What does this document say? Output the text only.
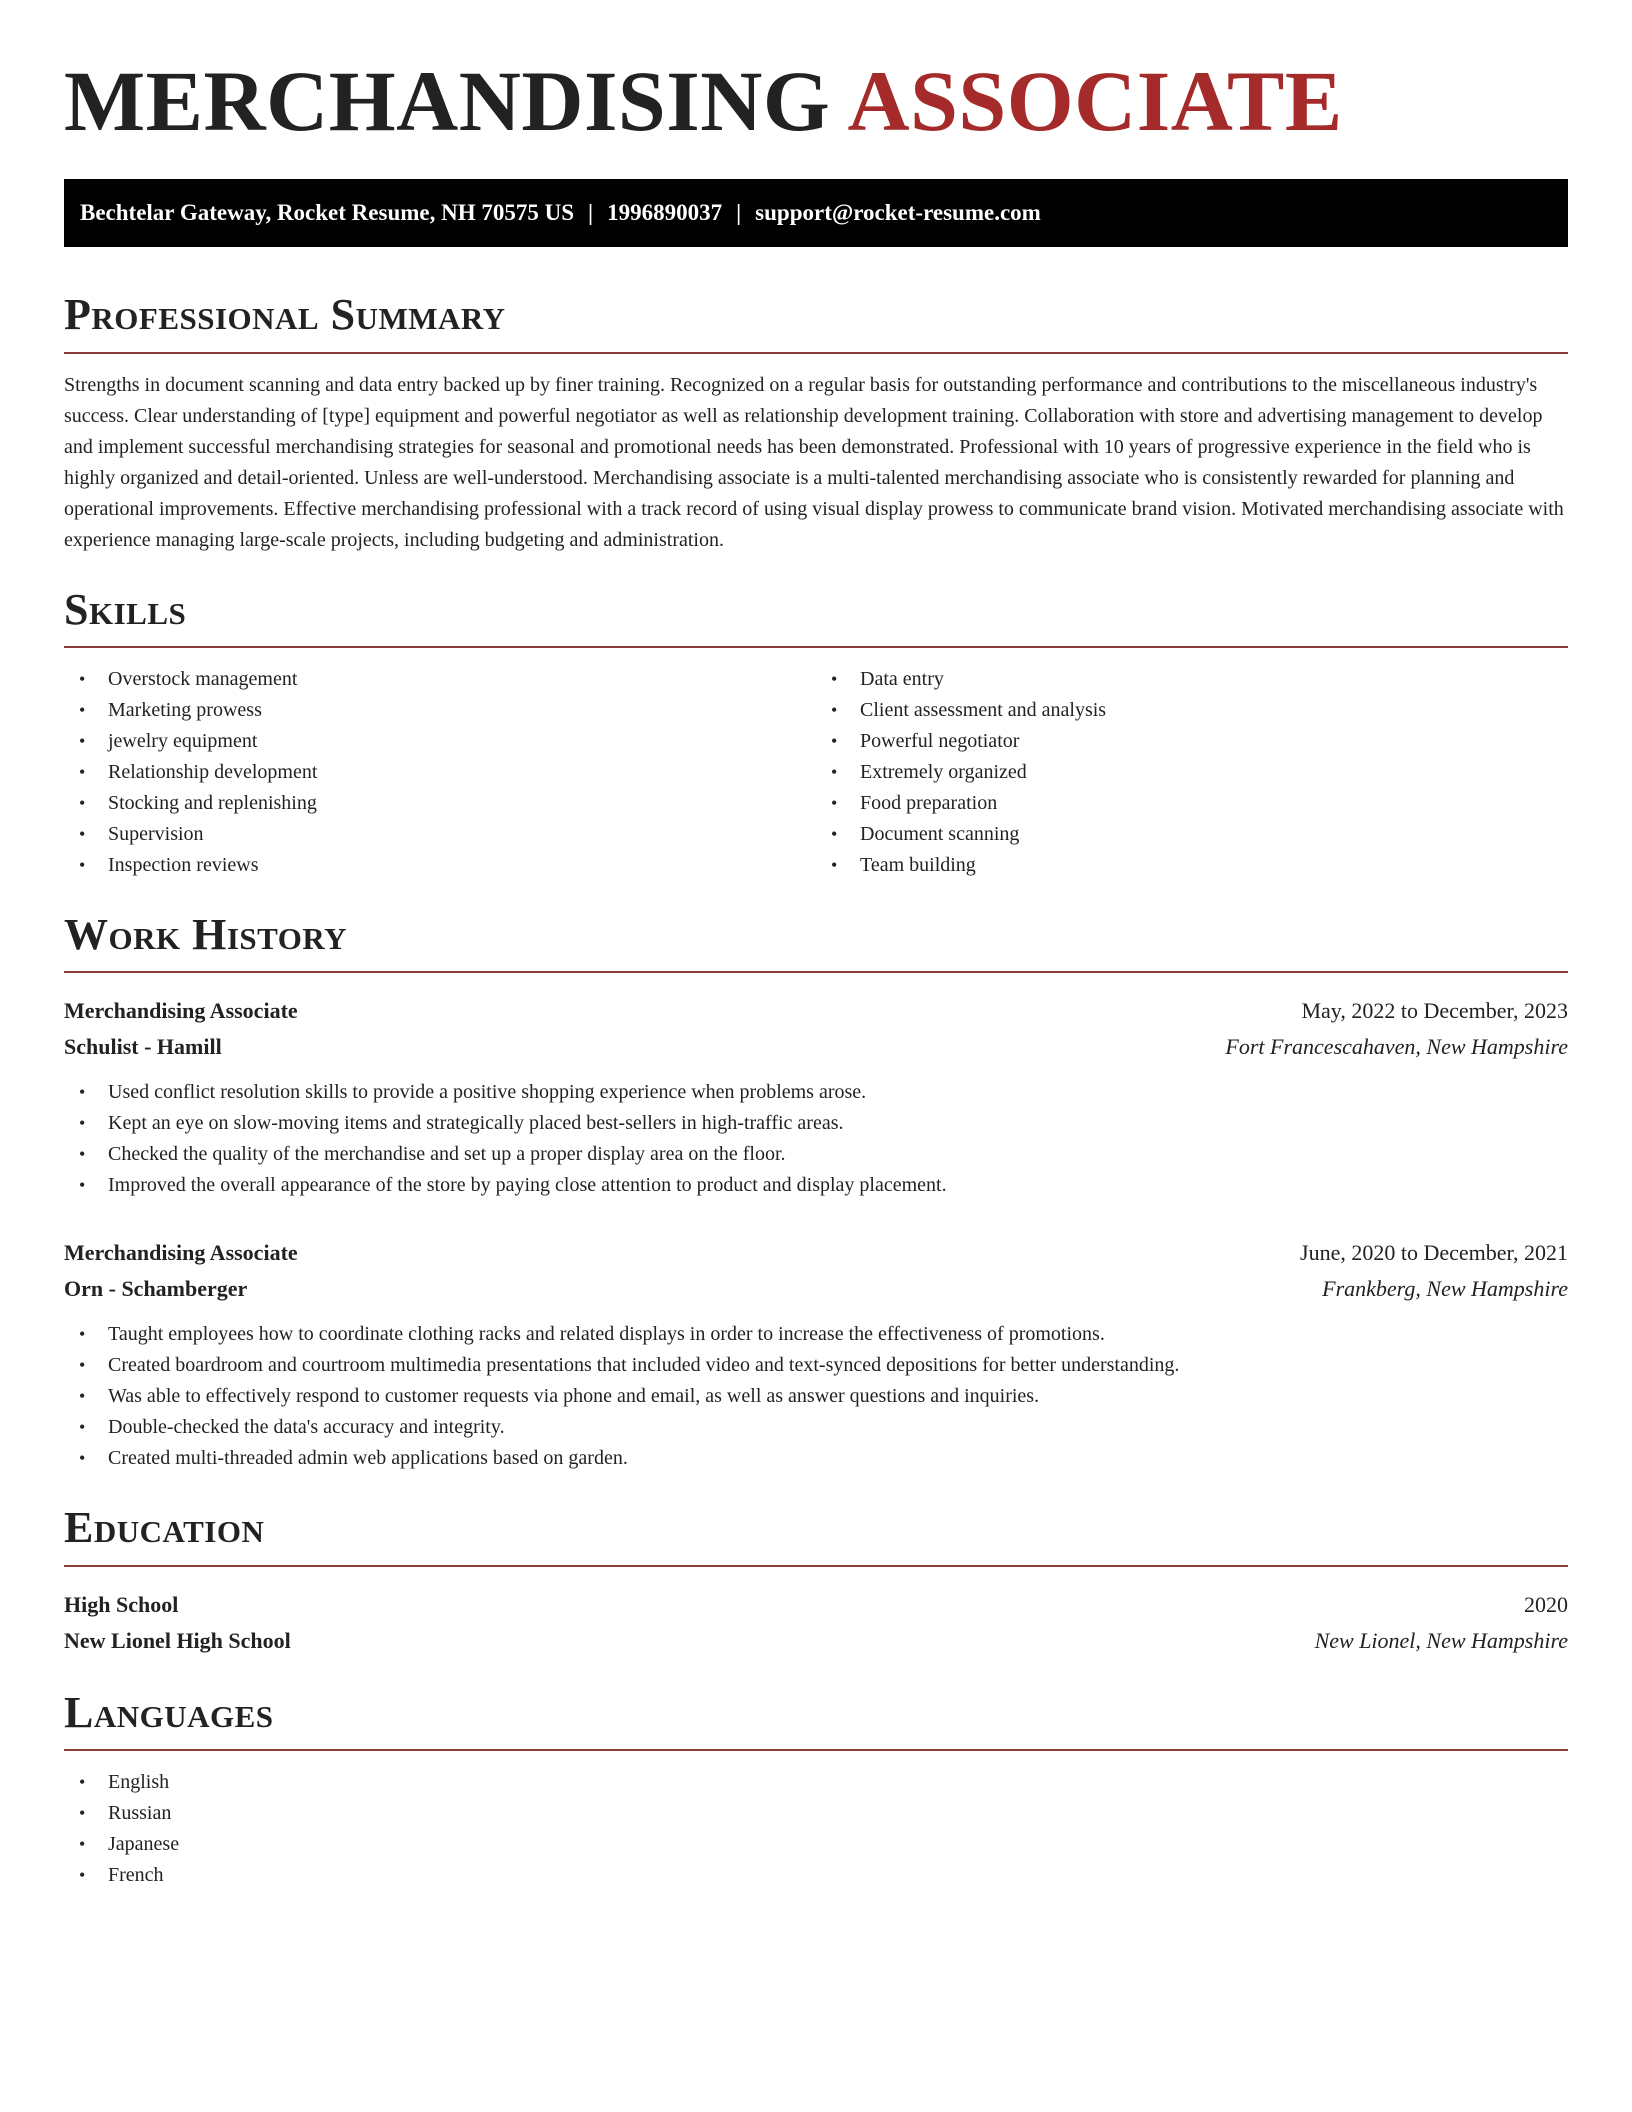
MERCHANDISING ASSOCIATE
Bechtelar Gateway, Rocket Resume, NH 70575 US | 1996890037 | support@rocket-resume.com
Professional Summary

Strengths in document scanning and data entry backed up by finer training. Recognized on a regular basis for outstanding performance and contributions to the miscellaneous industry's success. Clear understanding of [type] equipment and powerful negotiator as well as relationship development training. Collaboration with store and advertising management to develop and implement successful merchandising strategies for seasonal and promotional needs has been demonstrated. Professional with 10 years of progressive experience in the field who is highly organized and detail-oriented. Unless are well-understood. Merchandising associate is a multi-talented merchandising associate who is consistently rewarded for planning and operational improvements. Effective merchandising professional with a track record of using visual display prowess to communicate brand vision. Motivated merchandising associate with experience managing large-scale projects, including budgeting and administration.

Skills
• Overstock management
• Marketing prowess
• jewelry equipment
• Relationship development
• Stocking and replenishing
• Supervision
• Inspection reviews
• Data entry
• Client assessment and analysis
• Powerful negotiator
• Extremely organized
• Food preparation
• Document scanning
• Team building
Work History
Merchandising Associate	May, 2022 to December, 2023
Schulist - Hamill	Fort Francescahaven, New Hampshire
• Used conflict resolution skills to provide a positive shopping experience when problems arose.
• Kept an eye on slow-moving items and strategically placed best-sellers in high-traffic areas.
• Checked the quality of the merchandise and set up a proper display area on the floor.
• Improved the overall appearance of the store by paying close attention to product and display placement.
Merchandising Associate	June, 2020 to December, 2021
Orn - Schamberger	Frankberg, New Hampshire
• Taught employees how to coordinate clothing racks and related displays in order to increase the effectiveness of promotions.
• Created boardroom and courtroom multimedia presentations that included video and text-synced depositions for better understanding.
• Was able to effectively respond to customer requests via phone and email, as well as answer questions and inquiries.
• Double-checked the data's accuracy and integrity.
• Created multi-threaded admin web applications based on garden.
Education
High School	2020
New Lionel High School	New Lionel, New Hampshire
Languages
• English
• Russian
• Japanese
• French
